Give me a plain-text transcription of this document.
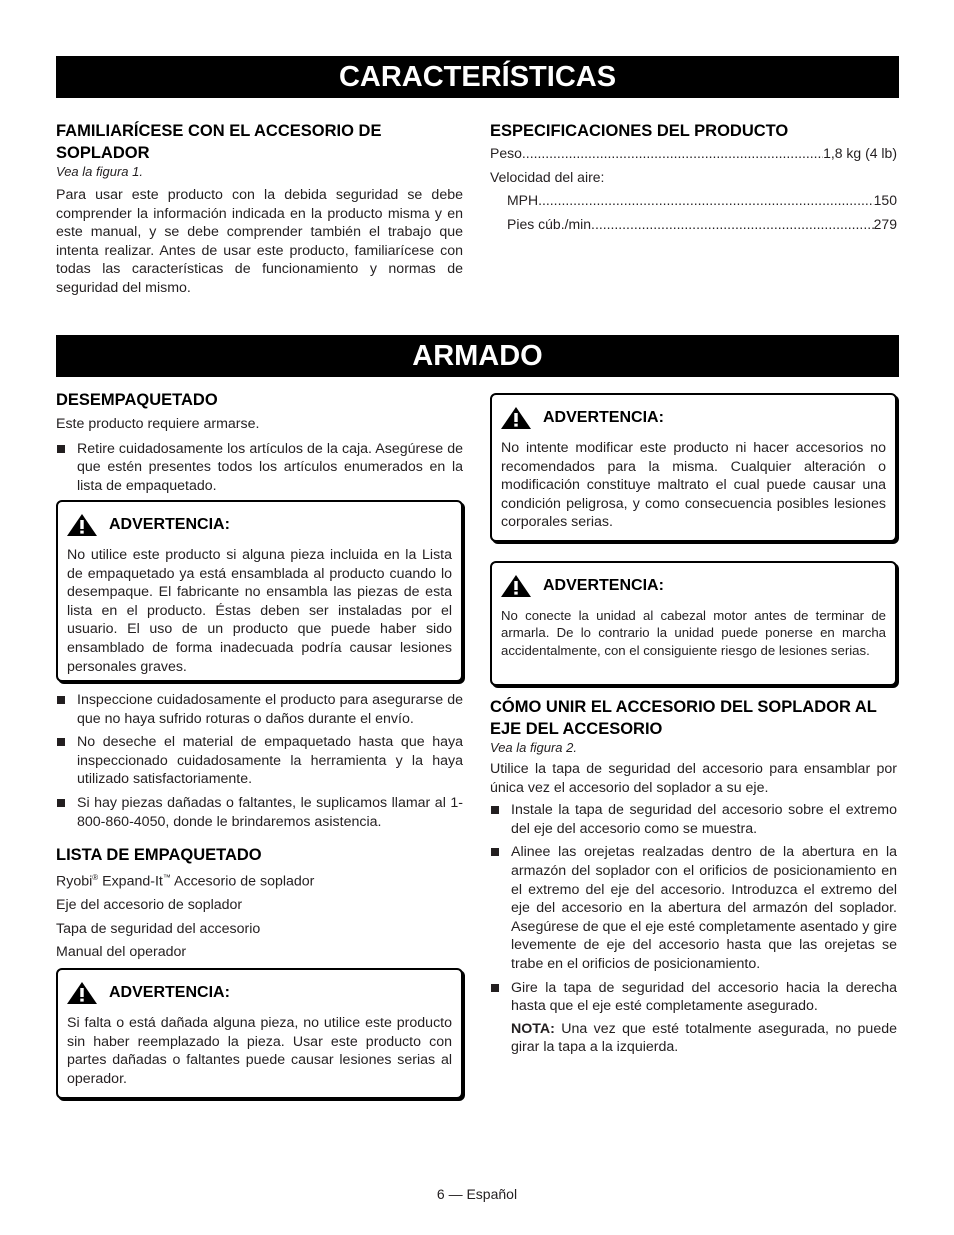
CARACTERÍSTICAS
FAMILIARÍCESE CON EL ACCESORIO DE SOPLADOR

Vea la figura 1.

Para usar este producto con la debida seguridad se debe comprender la información indicada en la producto misma y en este manual, y se debe comprender también el trabajo que intenta realizar. Antes de usar este producto, familiarícese con todas las características de funcionamiento y normas de seguridad del mismo.

ESPECIFICACIONES DEL PRODUCTO
Peso .....	1,8 kg (4 lb)
Velocidad del aire:
MPH .....	150
Pies cúb./min. .....	279
ARMADO
DESEMPAQUETADO

Este producto requiere armarse.

Retire cuidadosamente los artículos de la caja. Asegúrese de que estén presentes todos los artículos enumerados en la lista de empaquetado.
ADVERTENCIA:

No utilice este producto si alguna pieza incluida en la Lista de empaquetado ya está ensamblada al producto cuando lo desempaque. El fabricante no ensambla las piezas de esta lista en el producto. Éstas deben ser instaladas por el usuario. El uso de un producto que puede haber sido ensamblado de forma inadecuada podría causar lesiones personales graves.

Inspeccione cuidadosamente el producto para asegurarse de que no haya sufrido roturas o daños durante el envío.
No deseche el material de empaquetado hasta que haya inspeccionado cuidadosamente la herramienta y la haya utilizado satisfactoriamente.
Si hay piezas dañadas o faltantes, le suplicamos llamar al 1-800-860-4050, donde le brindaremos asistencia.
LISTA DE EMPAQUETADO
Ryobi® Expand-It™ Accesorio de soplador
Eje del accesorio de soplador
Tapa de seguridad del accesorio
Manual del operador
ADVERTENCIA:

Si falta o está dañada alguna pieza, no utilice este producto sin haber reemplazado la pieza. Usar este producto con partes dañadas o faltantes puede causar lesiones serias al operador.

ADVERTENCIA:

No intente modificar este producto ni hacer accesorios no recomendados para la misma. Cualquier alteración o modificación constituye maltrato el cual puede causar una condición peligrosa, y como consecuencia posibles lesiones corporales serias.

ADVERTENCIA:

No conecte la unidad al cabezal motor antes de terminar de armarla. De lo contrario la unidad puede ponerse en marcha accidentalmente, con el consiguiente riesgo de lesiones serias.

CÓMO UNIR EL ACCESORIO DEL SOPLADOR AL EJE DEL ACCESORIO

Vea la figura 2.

Utilice la tapa de seguridad del accesorio para ensamblar por única vez el accesorio del soplador a su eje.

Instale la tapa de seguridad del accesorio sobre el extremo del eje del accesorio como se muestra.
Alinee las orejetas realzadas dentro de la abertura en la armazón del soplador con el orificios de posicionamiento en el extremo del eje del accesorio. Introduzca el extremo del eje del accesorio en la abertura del armazón del soplador. Asegúrese de que el eje esté completamente asentado y gire levemente de eje del accesorio hasta que las orejetas se trabe en el orificios de posicionamiento.
Gire la tapa de seguridad del accesorio hacia la derecha hasta que el eje esté completamente asegurado.

NOTA: Una vez que esté totalmente asegurada, no puede girar la tapa a la izquierda.

6 — Español
